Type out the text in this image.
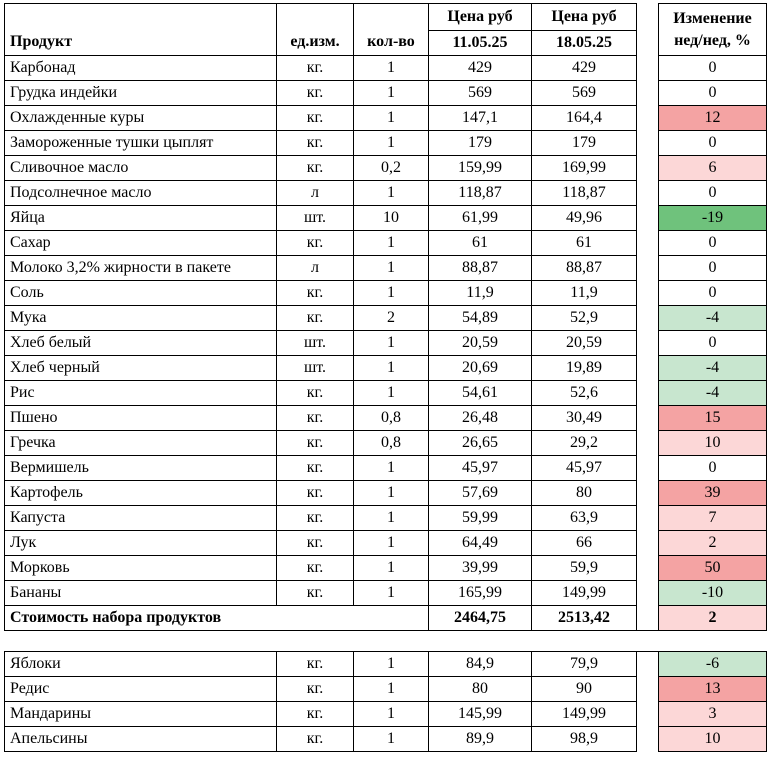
Продукт	ед.изм.	кол-во	Цена руб	Цена руб		Изменение
нед/нед, %
			11.05.25	18.05.25		
Карбонад	кг.	1	429	429		0
Грудка индейки	кг.	1	569	569		0
Охлажденные куры	кг.	1	147,1	164,4		12
Замороженные тушки цыплят	кг.	1	179	179		0
Сливочное масло	кг.	0,2	159,99	169,99		6
Подсолнечное масло	л	1	118,87	118,87		0
Яйца	шт.	10	61,99	49,96		-19
Сахар	кг.	1	61	61		0
Молоко 3,2% жирности в пакете	л	1	88,87	88,87		0
Соль	кг.	1	11,9	11,9		0
Мука	кг.	2	54,89	52,9		-4
Хлеб белый	шт.	1	20,59	20,59		0
Хлеб черный	шт.	1	20,69	19,89		-4
Рис	кг.	1	54,61	52,6		-4
Пшено	кг.	0,8	26,48	30,49		15
Гречка	кг.	0,8	26,65	29,2		10
Вермишель	кг.	1	45,97	45,97		0
Картофель	кг.	1	57,69	80		39
Капуста	кг.	1	59,99	63,9		7
Лук	кг.	1	64,49	66		2
Морковь	кг.	1	39,99	59,9		50
Бананы	кг.	1	165,99	149,99		-10
Стоимость набора продуктов			2464,75	2513,42		2

Яблоки	кг.	1	84,9	79,9		-6
Редис	кг.	1	80	90		13
Мандарины	кг.	1	145,99	149,99		3
Апельсины	кг.	1	89,9	98,9		10
